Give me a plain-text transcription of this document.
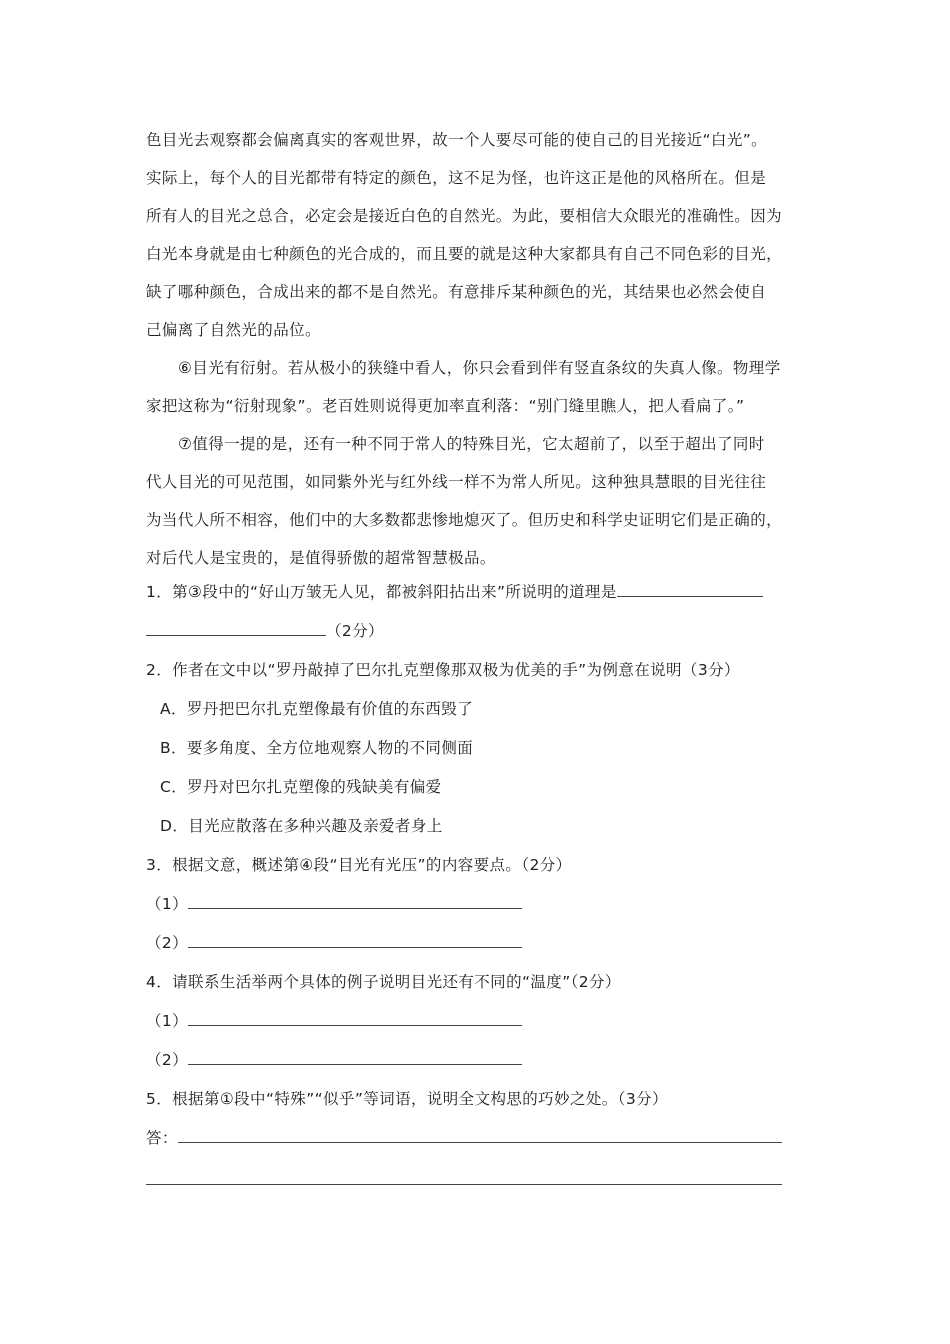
色目光去观察都会偏离真实的客观世界，故一个人要尽可能的使自己的目光接近“白光”。
实际上，每个人的目光都带有特定的颜色，这不足为怪，也许这正是他的风格所在。但是
所有人的目光之总合，必定会是接近白色的自然光。为此，要相信大众眼光的准确性。因为
白光本身就是由七种颜色的光合成的，而且要的就是这种大家都具有自己不同色彩的目光，
缺了哪种颜色，合成出来的都不是自然光。有意排斥某种颜色的光，其结果也必然会使自
己偏离了自然光的品位。
⑥目光有衍射。若从极小的狭缝中看人，你只会看到伴有竖直条纹的失真人像。物理学
家把这称为“衍射现象”。老百姓则说得更加率直利落：“别门缝里瞧人，把人看扁了。”
⑦值得一提的是，还有一种不同于常人的特殊目光，它太超前了，以至于超出了同时
代人目光的可见范围，如同紫外光与红外线一样不为常人所见。这种独具慧眼的目光往往
为当代人所不相容，他们中的大多数都悲惨地熄灭了。但历史和科学史证明它们是正确的，
对后代人是宝贵的，是值得骄傲的超常智慧极品。
1．第③段中的“好山万皱无人见，都被斜阳拈出来”所说明的道理是
（2分）
2．作者在文中以“罗丹敲掉了巴尔扎克塑像那双极为优美的手”为例意在说明（3分）
A．罗丹把巴尔扎克塑像最有价值的东西毁了
B．要多角度、全方位地观察人物的不同侧面
C．罗丹对巴尔扎克塑像的残缺美有偏爱
D．目光应散落在多种兴趣及亲爱者身上
3．根据文意，概述第④段“目光有光压”的内容要点。（2分）
（1）
（2）
4．请联系生活举两个具体的例子说明目光还有不同的“温度”（2分）
（1）
（2）
5．根据第①段中“特殊”“似乎”等词语，说明全文构思的巧妙之处。（3分）
答：
